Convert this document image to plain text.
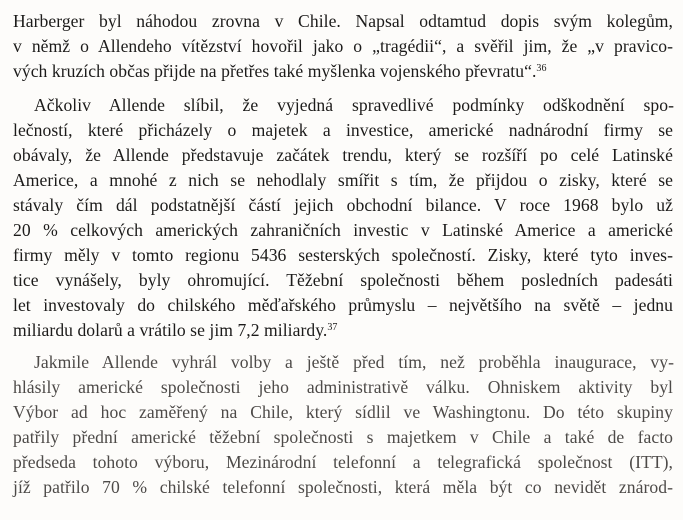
Harberger byl náhodou zrovna v Chile. Napsal odtamtud dopis svým kolegům,
v němž o Allendeho vítězství hovořil jako o „tragédii“, a svěřil jim, že „v pravico-
vých kruzích občas přijde na přetřes také myšlenka vojenského převratu“.$^{36}$
Ačkoliv Allende slíbil, že vyjedná spravedlivé podmínky odškodnění spo-
lečností, které přicházely o majetek a investice, americké nadnárodní firmy se
obávaly, že Allende představuje začátek trendu, který se rozšíří po celé Latinské
Americe, a mnohé z nich se nehodlaly smířit s tím, že přijdou o zisky, které se
stávaly čím dál podstatnější částí jejich obchodní bilance. V roce 1968 bylo už
20 % celkových amerických zahraničních investic v Latinské Americe a americké
firmy měly v tomto regionu 5436 sesterských společností. Zisky, které tyto inves-
tice vynášely, byly ohromující. Těžební společnosti během posledních padesáti
let investovaly do chilského měďařského průmyslu – největšího na světě – jednu
miliardu dolarů a vrátilo se jim 7,2 miliardy.$^{37}$
Jakmile Allende vyhrál volby a ještě před tím, než proběhla inaugurace, vy-
hlásily americké společnosti jeho administrativě válku. Ohniskem aktivity byl
Výbor ad hoc zaměřený na Chile, který sídlil ve Washingtonu. Do této skupiny
patřily přední americké těžební společnosti s majetkem v Chile a také de facto
předseda tohoto výboru, Mezinárodní telefonní a telegrafická společnost (ITT),
jíž patřilo 70 % chilské telefonní společnosti, která měla být co nevidět znárod-
